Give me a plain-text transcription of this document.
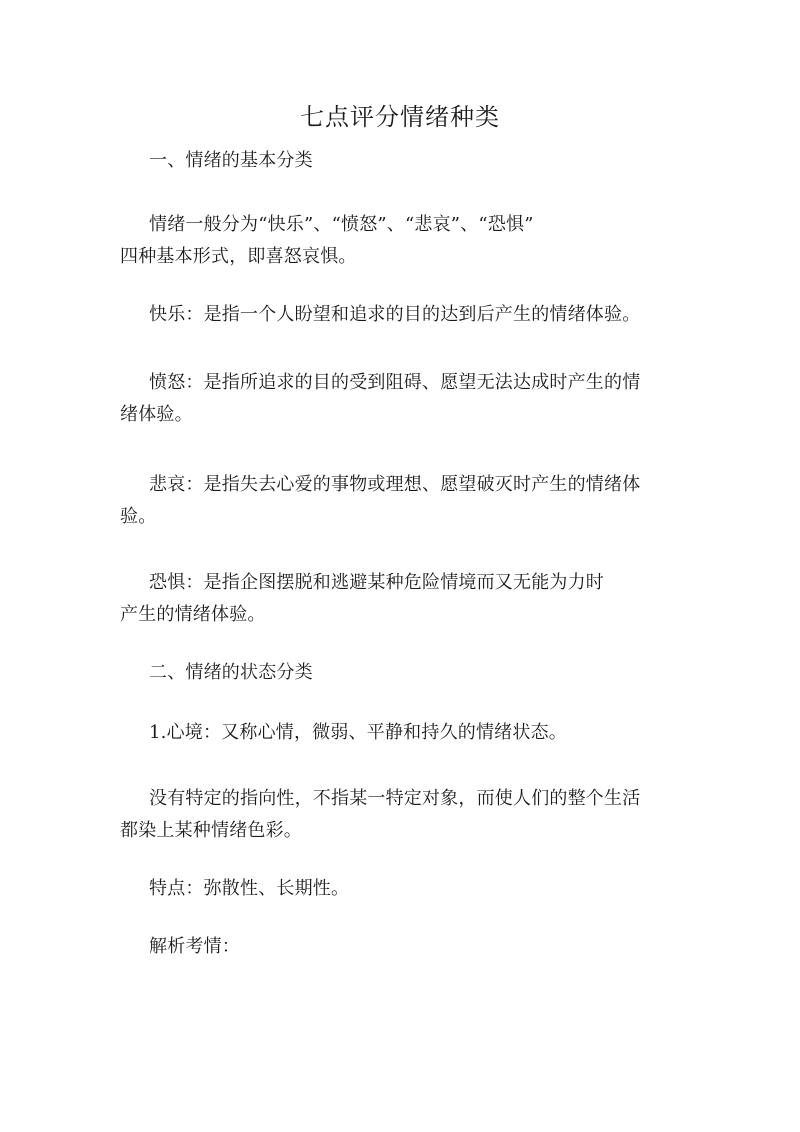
七点评分情绪种类
一、情绪的基本分类
情绪一般分为“快乐”、“愤怒”、“悲哀”、“恐惧”
四种基本形式，即喜怒哀惧。
快乐：是指一个人盼望和追求的目的达到后产生的情绪体验。
愤怒：是指所追求的目的受到阻碍、愿望无法达成时产生的情
绪体验。
悲哀：是指失去心爱的事物或理想、愿望破灭时产生的情绪体
验。
恐惧：是指企图摆脱和逃避某种危险情境而又无能为力时
产生的情绪体验。
二、情绪的状态分类
1.心境：又称心情，微弱、平静和持久的情绪状态。
没有特定的指向性，不指某一特定对象，而使人们的整个生活
都染上某种情绪色彩。
特点：弥散性、长期性。
解析考情：
